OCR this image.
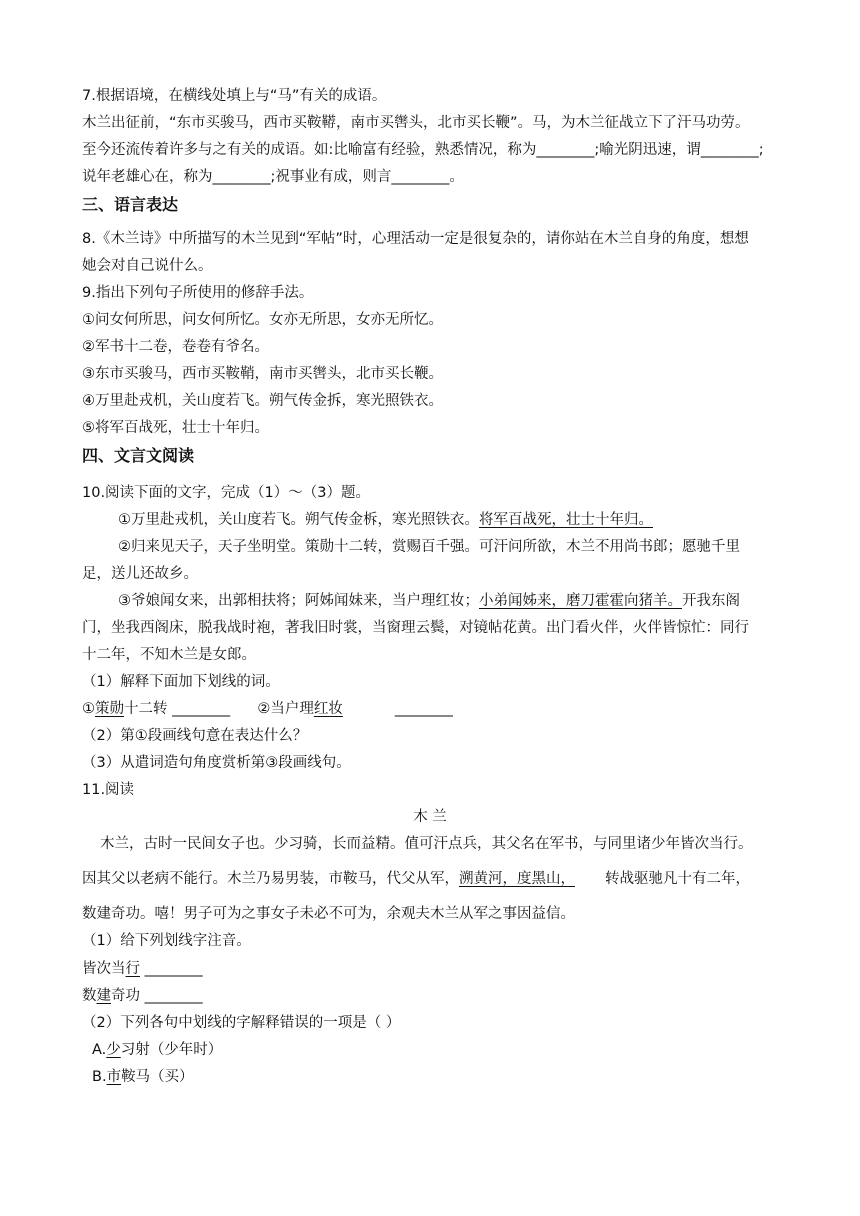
7.根据语境，在横线处填上与“马”有关的成语。
木兰出征前，“东市买骏马，西市买鞍鞯，南市买辔头，北市买长鞭”。马，为木兰征战立下了汗马功劳。
至今还流传着许多与之有关的成语。如:比喻富有经验，熟悉情况，称为________;喻光阴迅速，谓________;
说年老雄心在，称为________;祝事业有成，则言________。
三、语言表达
8.《木兰诗》中所描写的木兰见到“军帖”时，心理活动一定是很复杂的，请你站在木兰自身的角度，想想
她会对自己说什么。
9.指出下列句子所使用的修辞手法。
①问女何所思，问女何所忆。女亦无所思，女亦无所忆。
②军书十二卷，卷卷有爷名。
③东市买骏马，西市买鞍鞘，南市买辔头，北市买长鞭。
④万里赴戎机，关山度若飞。朔气传金拆，寒光照铁衣。
⑤将军百战死，壮士十年归。
四、文言文阅读
10.阅读下面的文字，完成（1）～（3）题。
①万里赴戎机，关山度若飞。朔气传金柝，寒光照铁衣。将军百战死，壮士十年归。
②归来见天子，天子坐明堂。策勋十二转，赏赐百千强。可汗问所欲，木兰不用尚书郎；愿驰千里
足，送儿还故乡。
③爷娘闻女来，出郭相扶将；阿姊闻妹来，当户理红妆；小弟闻姊来，磨刀霍霍向猪羊。开我东阁
门，坐我西阁床，脱我战时袍，著我旧时裳，当窗理云鬓，对镜帖花黄。出门看火伴，火伴皆惊忙：同行
十二年，不知木兰是女郎。
（1）解释下面加下划线的词。
①策勋十二转 ________ ②当户理红妆	________
（2）第①段画线句意在表达什么？
（3）从遣词造句角度赏析第③段画线句。
11.阅读
木 兰
木兰，古时一民间女子也。少习骑，长而益精。值可汗点兵，其父名在军书，与同里诸少年皆次当行。
因其父以老病不能行。木兰乃易男装，市鞍马，代父从军，溯黄河，度黑山， 转战驱驰凡十有二年，
数建奇功。嘻！男子可为之事女子未必不可为，余观夫木兰从军之事因益信。
（1）给下列划线字注音。
皆次当行 ________
数建奇功 ________
（2）下列各句中划线的字解释错误的一项是（ ）
A.少习射（少年时）
B.市鞍马（买）
